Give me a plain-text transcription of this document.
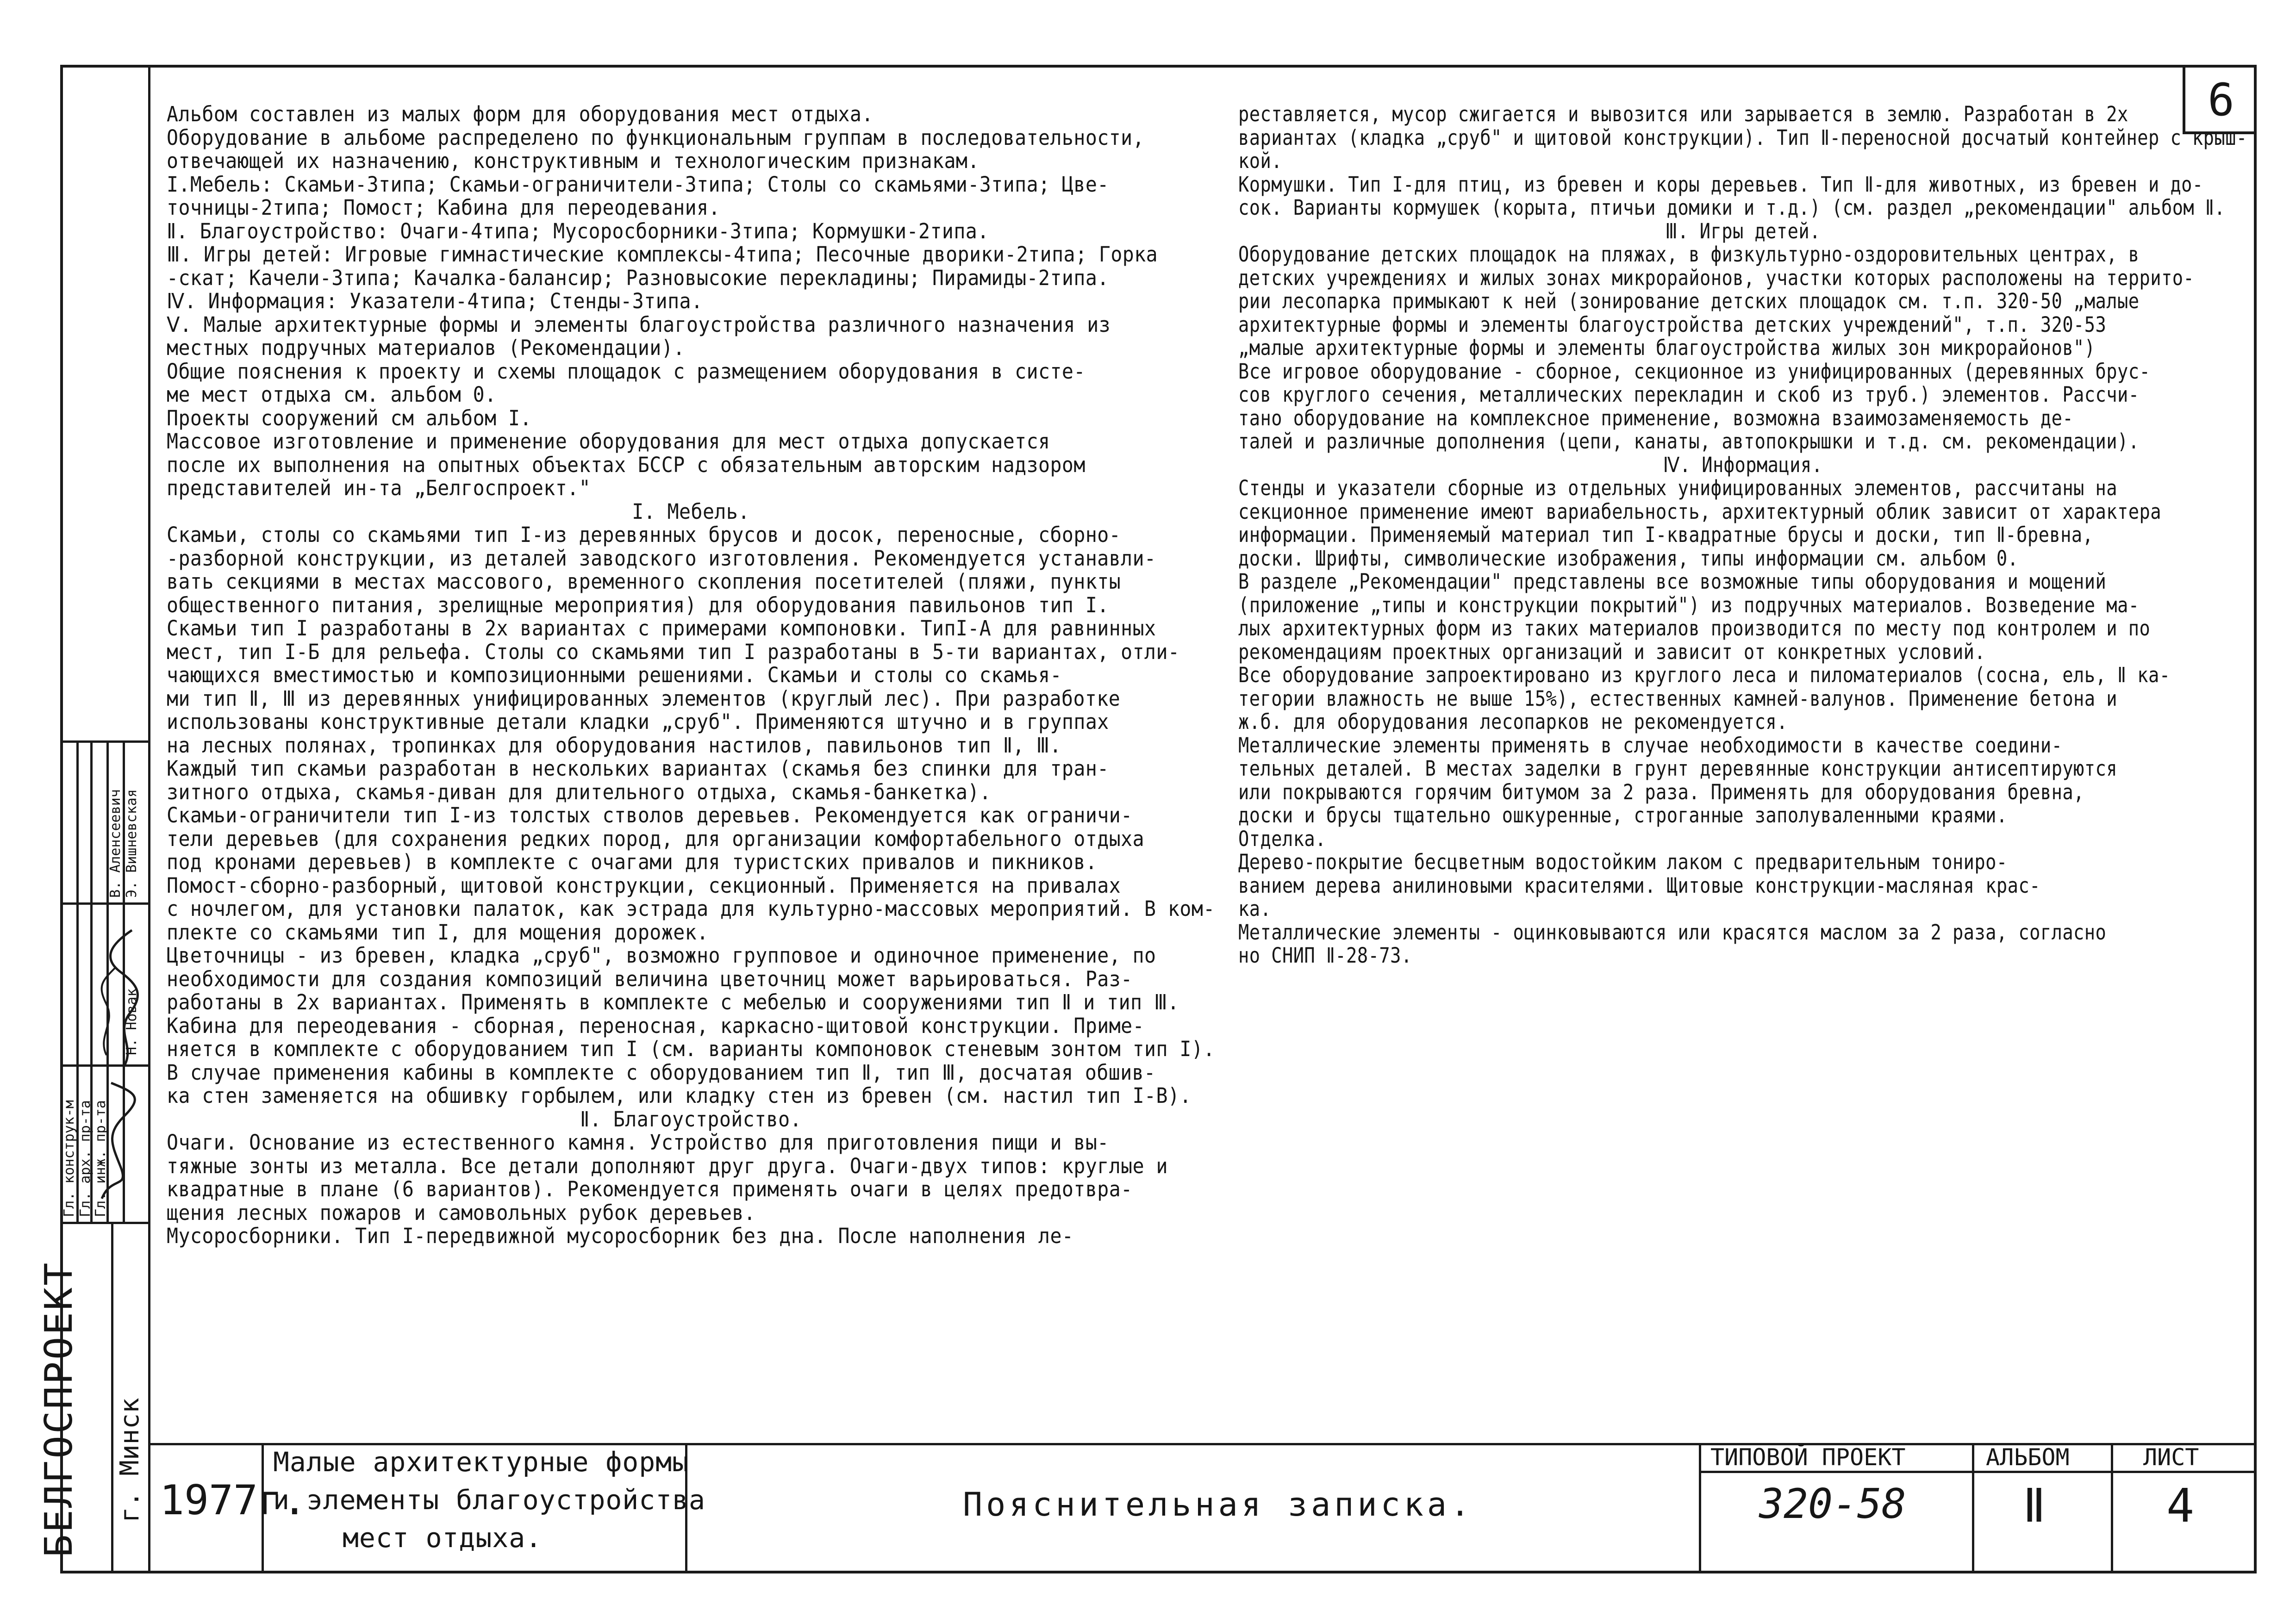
6
Альбом составлен из малых форм для оборудования мест отдыха.
Оборудование в альбоме распределено по функциональным группам в последовательности,
отвечающей их назначению, конструктивным и технологическим признакам.
I.Мебель: Скамьи-3типа; Скамьи-ограничители-3типа; Столы со скамьями-3типа; Цве-
точницы-2типа; Помост; Кабина для переодевания.
Ⅱ. Благоустройство: Очаги-4типа; Мусоросборники-3типа; Кормушки-2типа.
Ⅲ. Игры детей: Игровые гимнастические комплексы-4типа; Песочные дворики-2типа; Горка
-скат; Качели-3типа; Качалка-балансир; Разновысокие перекладины; Пирамиды-2типа.
Ⅳ. Информация: Указатели-4типа; Стенды-3типа.
Ⅴ. Малые архитектурные формы и элементы благоустройства различного назначения из
местных подручных материалов (Рекомендации).
Общие пояснения к проекту и схемы площадок с размещением оборудования в систе-
ме мест отдыха см. альбом 0.
Проекты сооружений см альбом I.
Массовое изготовление и применение оборудования для мест отдыха допускается
после их выполнения на опытных объектах БССР с обязательным авторским надзором
представителей ин-та „Белгоспроект."
I. Мебель.
Скамьи, столы со скамьями тип I-из деревянных брусов и досок, переносные, сборно-
-разборной конструкции, из деталей заводского изготовления. Рекомендуется устанавли-
вать секциями в местах массового, временного скопления посетителей (пляжи, пункты
общественного питания, зрелищные мероприятия) для оборудования павильонов тип I.
Скамьи тип I разработаны в 2х вариантах с примерами компоновки. ТипI-А для равнинных
мест, тип I-Б для рельефа. Столы со скамьями тип I разработаны в 5-ти вариантах, отли-
чающихся вместимостью и композиционными решениями. Скамьи и столы со скамья-
ми тип Ⅱ, Ⅲ из деревянных унифицированных элементов (круглый лес). При разработке
использованы конструктивные детали кладки „сруб". Применяются штучно и в группах
на лесных полянах, тропинках для оборудования настилов, павильонов тип Ⅱ, Ⅲ.
Каждый тип скамьи разработан в нескольких вариантах (скамья без спинки для тран-
зитного отдыха, скамья-диван для длительного отдыха, скамья-банкетка).
Скамьи-ограничители тип I-из толстых стволов деревьев. Рекомендуется как ограничи-
тели деревьев (для сохранения редких пород, для организации комфортабельного отдыха
под кронами деревьев) в комплекте с очагами для туристских привалов и пикников.
Помост-сборно-разборный, щитовой конструкции, секционный. Применяется на привалах
с ночлегом, для установки палаток, как эстрада для культурно-массовых мероприятий. В ком-
плекте со скамьями тип I, для мощения дорожек.
Цветочницы - из бревен, кладка „сруб", возможно групповое и одиночное применение, по
необходимости для создания композиций величина цветочниц может варьироваться. Раз-
работаны в 2х вариантах. Применять в комплекте с мебелью и сооружениями тип Ⅱ и тип Ⅲ.
Кабина для переодевания - сборная, переносная, каркасно-щитовой конструкции. Приме-
няется в комплекте с оборудованием тип I (см. варианты компоновок стеневым зонтом тип I).
В случае применения кабины в комплекте с оборудованием тип Ⅱ, тип Ⅲ, досчатая обшив-
ка стен заменяется на обшивку горбылем, или кладку стен из бревен (см. настил тип I-В).
Ⅱ. Благоустройство.
Очаги. Основание из естественного камня. Устройство для приготовления пищи и вы-
тяжные зонты из металла. Все детали дополняют друг друга. Очаги-двух типов: круглые и
квадратные в плане (6 вариантов). Рекомендуется применять очаги в целях предотвра-
щения лесных пожаров и самовольных рубок деревьев.
Мусоросборники. Тип I-передвижной мусоросборник без дна. После наполнения ле-
реставляется, мусор сжигается и вывозится или зарывается в землю. Разработан в 2х
вариантах (кладка „сруб" и щитовой конструкции). Тип Ⅱ-переносной досчатый контейнер с крыш-
кой.
Кормушки. Тип I-для птиц, из бревен и коры деревьев. Тип Ⅱ-для животных, из бревен и до-
сок. Варианты кормушек (корыта, птичьи домики и т.д.) (см. раздел „рекомендации" альбом Ⅱ.
Ⅲ. Игры детей.
Оборудование детских площадок на пляжах, в физкультурно-оздоровительных центрах, в
детских учреждениях и жилых зонах микрорайонов, участки которых расположены на террито-
рии лесопарка примыкают к ней (зонирование детских площадок см. т.п. 320-50 „малые
архитектурные формы и элементы благоустройства детских учреждений", т.п. 320-53
„малые архитектурные формы и элементы благоустройства жилых зон микрорайонов")
Все игровое оборудование - сборное, секционное из унифицированных (деревянных брус-
сов круглого сечения, металлических перекладин и скоб из труб.) элементов. Рассчи-
тано оборудование на комплексное применение, возможна взаимозаменяемость де-
талей и различные дополнения (цепи, канаты, автопокрышки и т.д. см. рекомендации).
Ⅳ. Информация.
Стенды и указатели сборные из отдельных унифицированных элементов, рассчитаны на
секционное применение имеют вариабельность, архитектурный облик зависит от характера
информации. Применяемый материал тип I-квадратные брусы и доски, тип Ⅱ-бревна,
доски. Шрифты, символические изображения, типы информации см. альбом 0.
В разделе „Рекомендации" представлены все возможные типы оборудования и мощений
(приложение „типы и конструкции покрытий") из подручных материалов. Возведение ма-
лых архитектурных форм из таких материалов производится по месту под контролем и по
рекомендациям проектных организаций и зависит от конкретных условий.
Все оборудование запроектировано из круглого леса и пиломатериалов (сосна, ель, Ⅱ ка-
тегории влажность не выше 15%), естественных камней-валунов. Применение бетона и
ж.б. для оборудования лесопарков не рекомендуется.
Металлические элементы применять в случае необходимости в качестве соедини-
тельных деталей. В местах заделки в грунт деревянные конструкции антисептируются
или покрываются горячим битумом за 2 раза. Применять для оборудования бревна,
доски и брусы тщательно ошкуренные, строганные заполуваленными краями.
Отделка.
Дерево-покрытие бесцветным водостойким лаком с предварительным тониро-
ванием дерева анилиновыми красителями. Щитовые конструкции-масляная крас-
ка.
Металлические элементы - оцинковываются или красятся маслом за 2 раза, согласно
но СНИП Ⅱ-28-73.
1977г.
Малые архитектурные формы
и элементы благоустройства
мест отдыха.
Пояснительная записка.
ТИПОВОЙ ПРОЕКТ
320-58
АЛЬБОМ
Ⅱ
ЛИСТ
4
БЕЛГОСПРОЕКТ г. Минск
Гл. конструк-м Гл. арх. пр-та
Гл. инж. пр-та
В. Аленсеевич Э. Вишневская
Н. Новак
